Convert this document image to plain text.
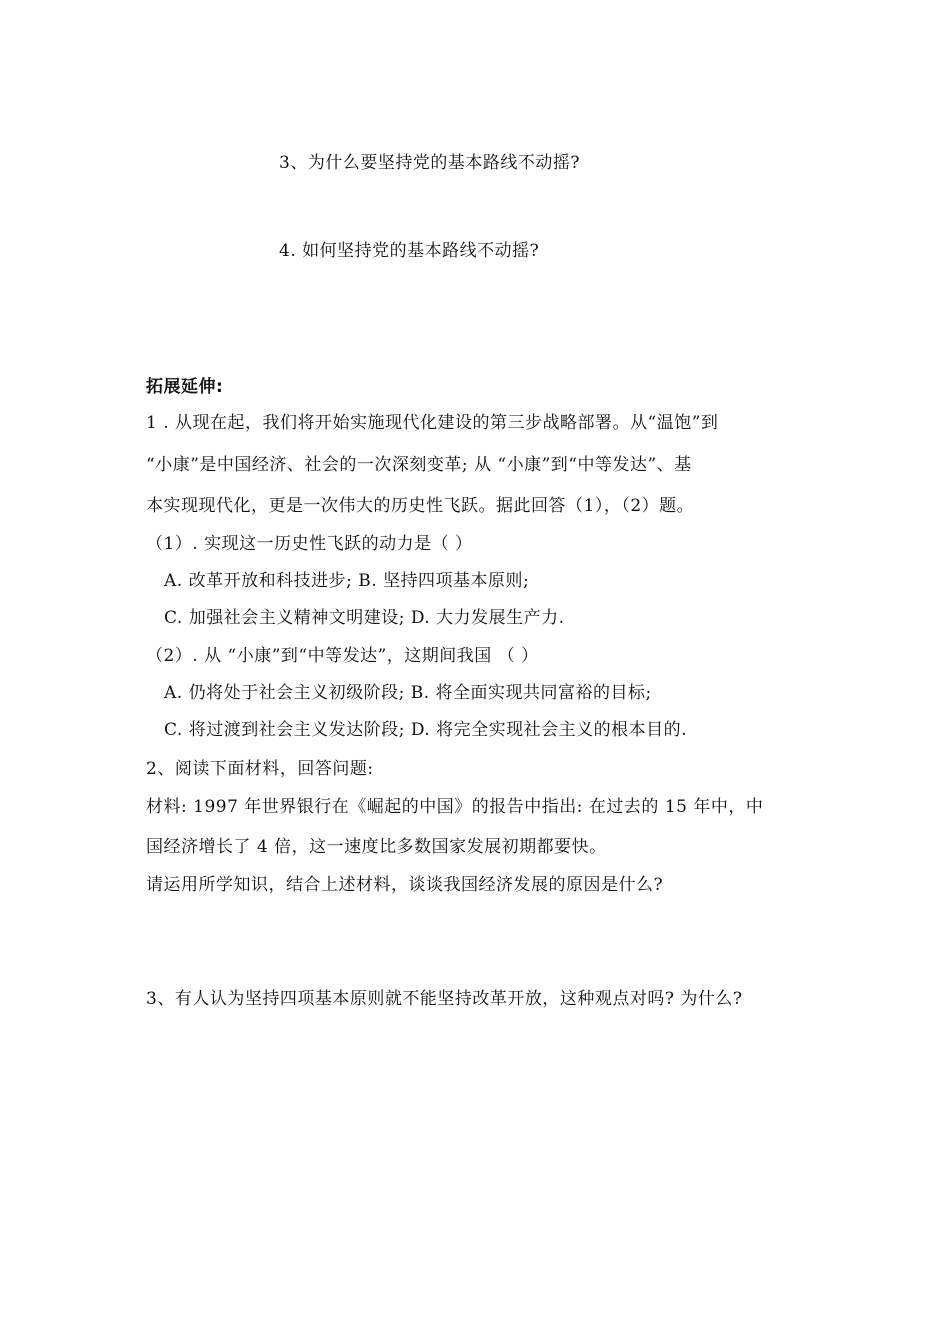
3、为什么要坚持党的基本路线不动摇?
4. 如何坚持党的基本路线不动摇?
拓展延伸:
1 . 从现在起，我们将开始实施现代化建设的第三步战略部署。从“温饱”到
“小康”是中国经济、社会的一次深刻变革; 从 “小康”到“中等发达”、基
本实现现代化，更是一次伟大的历史性飞跃。据此回答（1），（2）题。
（1）. 实现这一历史性飞跃的动力是（ ）
A. 改革开放和科技进步; B. 坚持四项基本原则;
C. 加强社会主义精神文明建设; D. 大力发展生产力.
（2）. 从 “小康”到“中等发达”，这期间我国 （ ）
A. 仍将处于社会主义初级阶段; B. 将全面实现共同富裕的目标;
C. 将过渡到社会主义发达阶段; D. 将完全实现社会主义的根本目的.
2、阅读下面材料，回答问题:
材料: 1997 年世界银行在《崛起的中国》的报告中指出: 在过去的 15 年中，中
国经济增长了 4 倍，这一速度比多数国家发展初期都要快。
请运用所学知识，结合上述材料，谈谈我国经济发展的原因是什么?
3、有人认为坚持四项基本原则就不能坚持改革开放，这种观点对吗? 为什么?
